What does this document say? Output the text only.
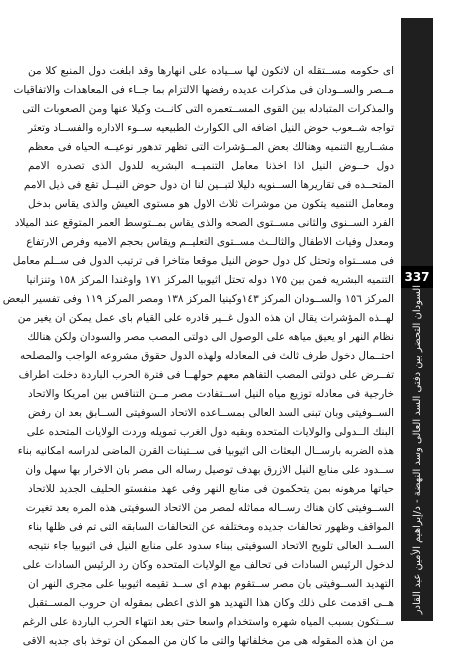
اى حكومه مســتقله ان لاتكون لها ســياده على انهارها وقد ابلغت دول المنبع كلا من
مــصر والســودان فى مذكرات عديده رفضها الالتزام بما جــاء فى المعاهدات والاتفاقيات
والمذكرات المتبادله بين القوى المســتعمره التى كانــت وكيلا عنها ومن الصعوبات التى
تواجه شــعوب حوض النيل اضافه الى الكوارث الطبيعيه ســوء الاداره والفســاد وتعثر
مشــاريع التنميه وهنالك بعض المــؤشرات التى تظهر تدهور نوعيــه الحياه فى معظم
دول حــوض النيل اذا اخذنا معامل التنميــه البشريه للدول الذى تصدره الامم
المتحــده فى تقاريرها الســنويه دليلا لتبــين لنا ان دول حوض النيــل تقع فى ذيل الامم
ومعامل التنميه يتكون من موشرات ثلاث الاول هو مستوى العيش والذى يقاس بدخل
الفرد الســنوى والثانى مســتوى الصحه والذى يقاس بمــتوسط العمر المتوقع عند الميلاد
ومعدل وفيات الاطفال والثالــث مســتوى التعليــم ويقاس بحجم الاميه وفرص الارتفاع
فى مســتواه وتحتل كل دول حوض النيل موقعا متاخرا فى ترتيب الدول فى ســلم معامل
التنميه البشريه فمن بين ١٧٥ دوله تحتل اثيوبيا المركز ١٧١ واوغندا المركز ١٥٨ وتنزانيا
المركز ١٥٦ والســودان المركز ١٤٣وكينيا المركز ١٣٨ ومصر المركز ١١٩ وفى تفسير البعض
لهــذه المؤشرات يقال ان هذه الدول غــير قادره على القيام باى عمل يمكن ان يغير من
نظام النهر او يعيق مياهه على الوصول الى دولتى المصب مصر والسودان ولكن هنالك
احتــمال دخول طرف ثالث فى المعادله ولهذه الدول حقوق مشروعه الواجب والمصلحه
تفــرض على دولتى المصب التفاهم معهم حولهــا فى فترة الحرب الباردة دخلت اطراف
خارجية فى معادله توزيع مياه النيل اســتفادت مصر مــن التنافس بين امريكا والاتحاد
الســوفيتى وبان تبنى السد العالى بمســاعده الاتحاد السوفيتى الســابق بعد ان رفض
البنك الــدولى والولايات المتحده وبقيه دول الغرب تمويله وردت الولايات المتحده على
هذه الضربه بارســال البعثات الى اثيوبيا فى ســتينات القرن الماضى لدراسه امكانيه بناء
ســدود على منابع النيل الازرق بهدف توصيل رساله الى مصر بان الاخرار بها سهل وان
حياتها مرهونه بمن يتحكمون فى منابع النهر وفى عهد منفستو الحليف الجديد للاتحاد
الســوفيتى كان هناك رســاله مماثله لمصر من الاتحاد السوفيتى هذه المره بعد تغيرت
المواقف وظهور تحالفات جديده ومختلفه عن التحالفات السابقه التى تم فى ظلها بناء
الســد العالى تلويح الاتحاد السوفيتى ببناء سدود على منابع النيل فى اثيوبيا جاء نتيجه
لدخول الرئيس السادات فى تحالف مع الولايات المتحده وكان رد الرئيس السادات على
التهديد الســوفيتى بان مصر ســتقوم بهدم اى ســد تقيمه اثيوبيا على مجرى النهر ان
هــى اقدمت على ذلك وكان هذا التهديد هو الذى اعطى بمقوله ان حروب المســتقبل
ســتكون بسبب المياه شهره واستخدام واسعا حتى بعد انتهاء الحرب الباردة على الرغم
من ان هذه المقوله هى من مخلفاتها والتى ما كان من الممكن ان توخذ باى جديه الاقى
337
السودان التحضر بين دفتى السد العالى وسد النهضة - د/إبراهيم الأمين عبد القادر
